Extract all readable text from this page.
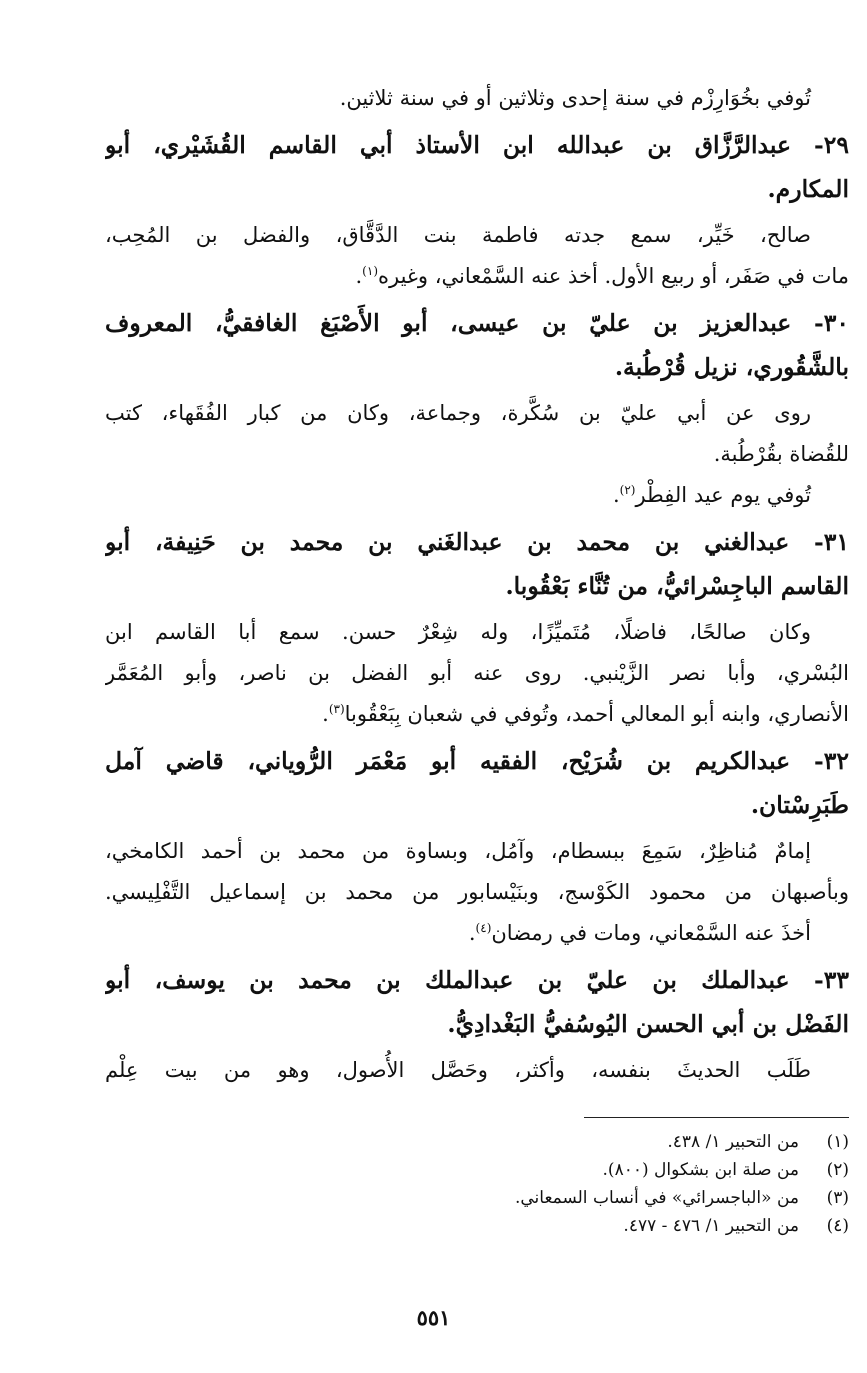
تُوفي بخُوَارِزْم في سنة إحدى وثلاثين أو في سنة ثلاثين.
٢٩- عبدالرَّزَّاق بن عبدالله ابن الأستاذ أبي القاسم القُشَيْري، أبو
المكارم.
صالح، خَيِّر، سمع جدته فاطمة بنت الدَّقَّاق، والفضل بن المُحِب،
مات في صَفَر، أو ربيع الأول. أخذ عنه السَّمْعاني، وغيره$^{(١)}$.
٣٠- عبدالعزيز بن عليّ بن عيسى، أبو الأَصْبَغ الغافقيُّ، المعروف
بالشَّقُوري، نزيل قُرْطُبة.
روى عن أبي عليّ بن سُكَّرة، وجماعة، وكان من كبار الفُقَهاء، كتب
للقُضاة بقُرْطُبة.
تُوفي يوم عيد الفِطْر$^{(٢)}$.
٣١- عبدالغني بن محمد بن عبدالغَني بن محمد بن حَنِيفة، أبو
القاسم الباجِسْرائيُّ، من تُنَّاء بَعْقُوبا.
وكان صالحًا، فاضلًا، مُتَميِّزًا، وله شِعْرٌ حسن. سمع أبا القاسم ابن
البُسْري، وأبا نصر الزَّيْنبي. روى عنه أبو الفضل بن ناصر، وأبو المُعَمَّر
الأنصاري، وابنه أبو المعالي أحمد، وتُوفي في شعبان بِبَعْقُوبا$^{(٣)}$.
٣٢- عبدالكريم بن شُرَيْح، الفقيه أبو مَعْمَر الرُّوياني، قاضي آمل
طَبَرِسْتان.
إمامٌ مُناظِرٌ، سَمِعَ ببسطام، وآمُل، وبساوة من محمد بن أحمد الكامخي،
وبأصبهان من محمود الكَوْسج، وبنَيْسابور من محمد بن إسماعيل التَّفْلِيسي.
أخذَ عنه السَّمْعاني، ومات في رمضان$^{(٤)}$.
٣٣- عبدالملك بن عليّ بن عبدالملك بن محمد بن يوسف، أبو
الفَضْل بن أبي الحسن اليُوسُفيُّ البَغْدادِيُّ.
طَلَب الحديثَ بنفسه، وأكثر، وحَصَّل الأُصول، وهو من بيت عِلْم
(١)من التحبير ١/ ٤٣٨.
(٢)من صلة ابن بشكوال (٨٠٠).
(٣)من «الباجسرائي» في أنساب السمعاني.
(٤)من التحبير ١/ ٤٧٦ - ٤٧٧.
٥٥١
